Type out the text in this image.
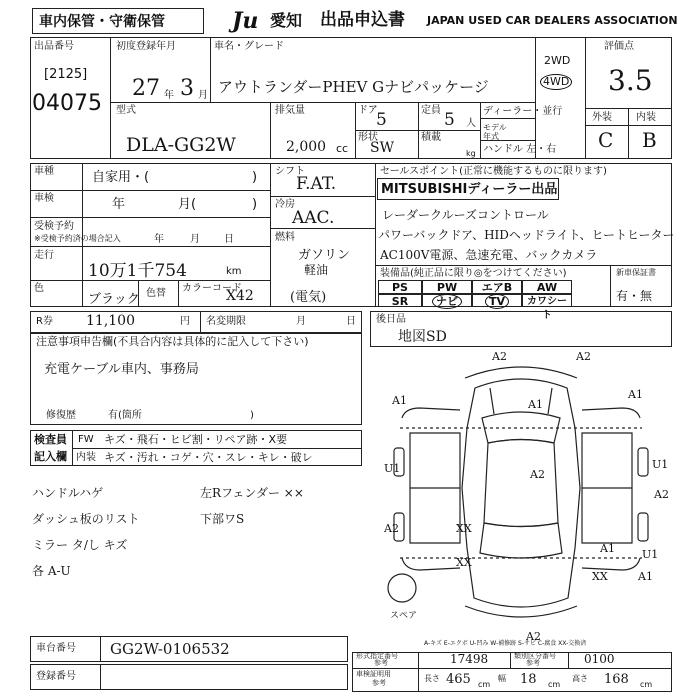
車内保管・守衛保管	Ju 愛知 出品申込書 JAPAN USED CAR DEALERS ASSOCIATION
出品番号
[2125]
04075
初度登録年月
27 年 3 月
車名・グレード
アウトランダーPHEV Gナビパッケージ
2WD
4WD
評価点
3.5
型式
DLA-GG2W
排気量
2,000 cc
ドア
5	定員 5 人
形状
SW
積載
kg
ディーラー・並行
モデル年式
ハンドル 左・右
外装 内装
C B
車種	自家用・(	)
車検	年	月(	)
受検予約
※受検予約済の場合記入	年	月 日
走行
10万1千754	km
色
ブラック 色替 カラーコード
X42
シフト
F.AT.
冷房
AAC.
燃料
ガソリン
軽油
(電気)
セールスポイント(正常に機能するものに限ります)
MITSUBISHIディーラー出品
レーダークルーズコントロール
パワーバックドア、HIDヘッドライト、ヒートヒーター
AC100V電源、急速充電、バックカメラ
装備品(純正品に限り◎をつけてください)
PS	PW	エアB	AW
SR	ナビ	TV	カワシート
新車保証書
有・無
R券 11,100	円 名変期限	月	日
注意事項申告欄(不具合内容は具体的に記入して下さい)
充電ケーブル車内、事務局
修復歴	有(箇所	)
後日品
地図SD
検査員
記入欄
FW キズ・飛石・ヒビ割・リペア跡・X要
内装 キズ・汚れ・コゲ・穴・スレ・キレ・破レ
ハンドルハゲ
ダッシュ板のリスト
ミラー タ/し キズ
各 A-U
左Rフェンダー ××
下部ワS
A2	A2
A1
A1
U1	A2
U1
A2	XX
XX
A2
A1
A1
A1
U1
XX
A2
スペア
A-キズ E-エクボ U-凹み W-補修跡 S-サビ C-腐食 XX-交換済
車台番号 GG2W-0106532
登録番号
形式指定番号
参考	17498	類別区分番号
参考	0100
車検証明用
参考	長さ 465 cm
幅 18 cm
高さ 168 cm
